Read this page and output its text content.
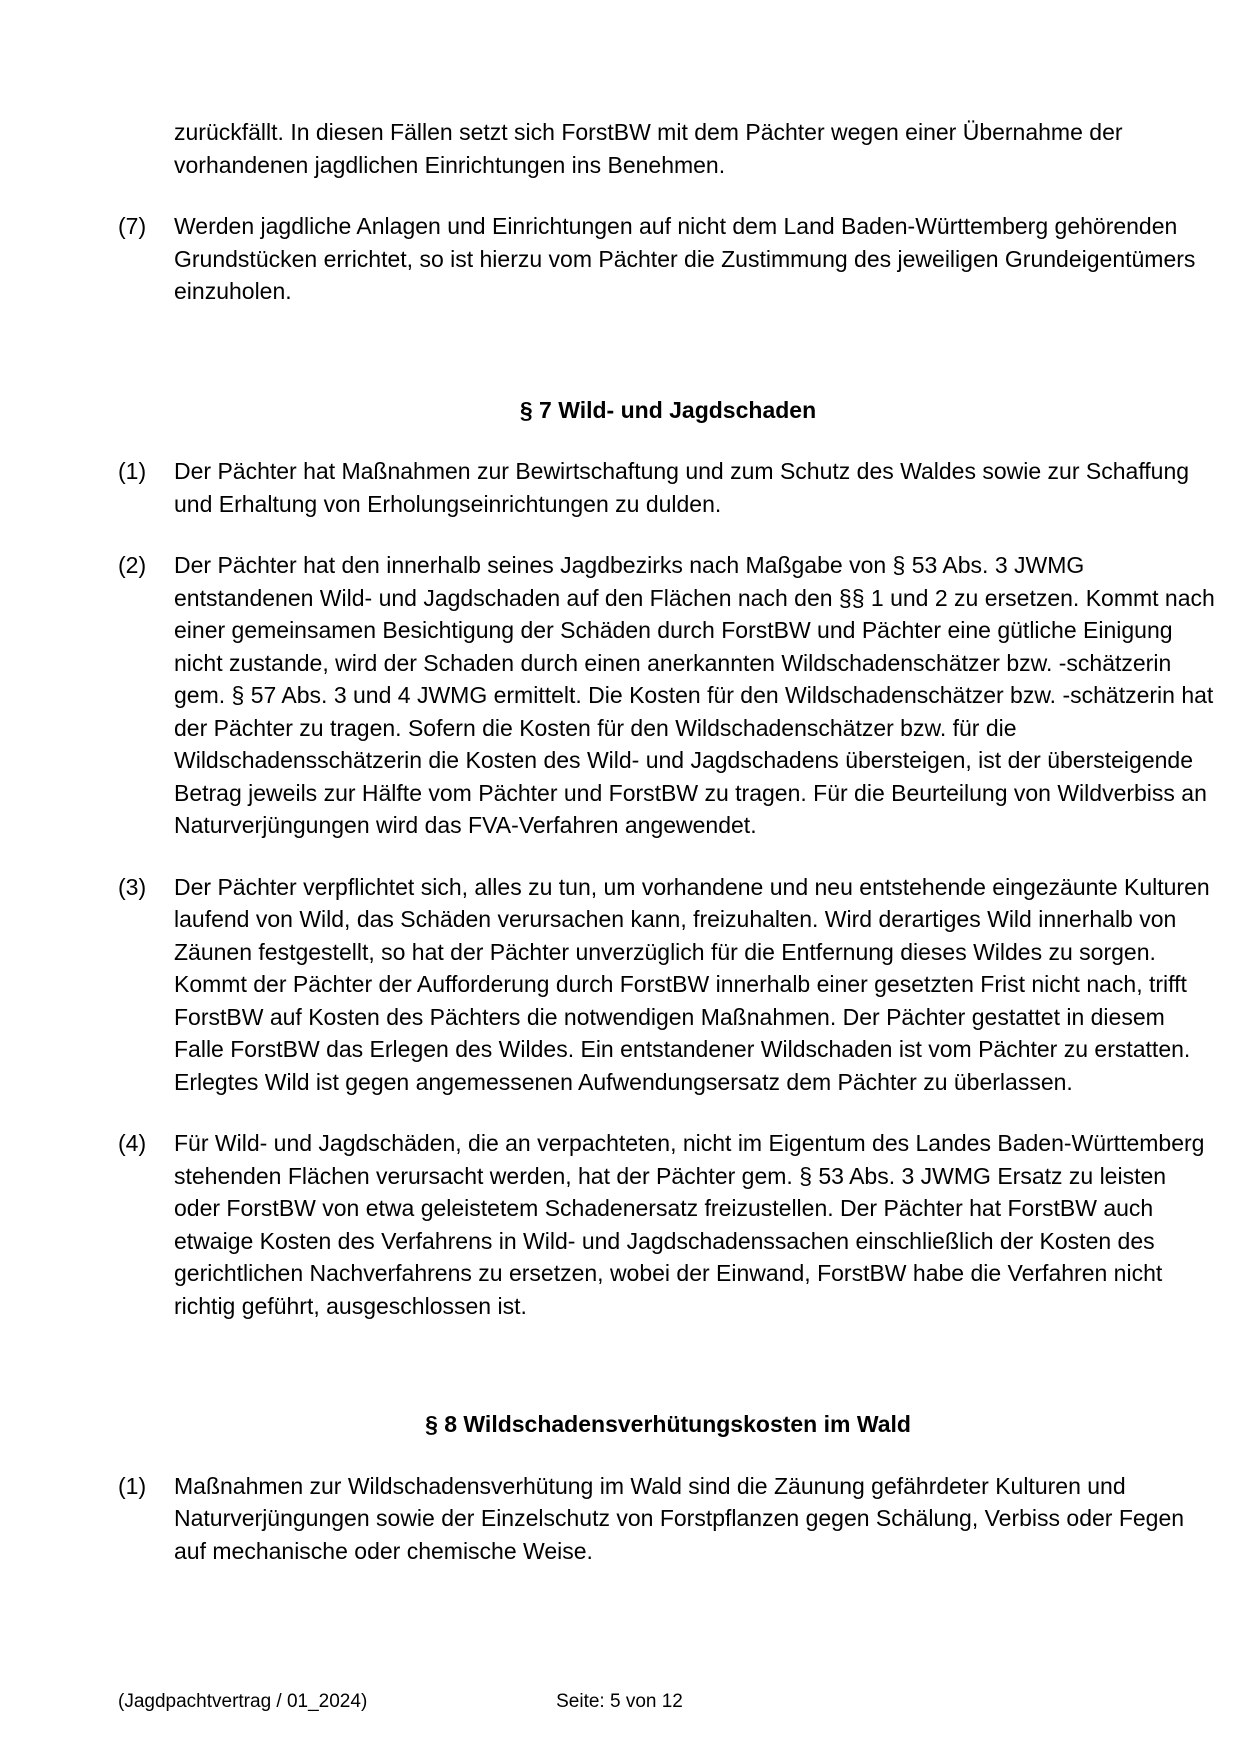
zurückfällt. In diesen Fällen setzt sich ForstBW mit dem Pächter wegen einer Übernahme der vorhandenen jagdlichen Einrichtungen ins Benehmen.
(7)	Werden jagdliche Anlagen und Einrichtungen auf nicht dem Land Baden-Württemberg gehörenden Grundstücken errichtet, so ist hierzu vom Pächter die Zustimmung des jeweiligen Grundeigentümers einzuholen.
§ 7 Wild- und Jagdschaden
(1)	Der Pächter hat Maßnahmen zur Bewirtschaftung und zum Schutz des Waldes sowie zur Schaffung und Erhaltung von Erholungseinrichtungen zu dulden.
(2)	Der Pächter hat den innerhalb seines Jagdbezirks nach Maßgabe von § 53 Abs. 3 JWMG entstandenen Wild- und Jagdschaden auf den Flächen nach den §§ 1 und 2 zu ersetzen. Kommt nach einer gemeinsamen Besichtigung der Schäden durch ForstBW und Pächter eine gütliche Einigung nicht zustande, wird der Schaden durch einen anerkannten Wildschadenschätzer bzw. -schätzerin gem. § 57 Abs. 3 und 4 JWMG ermittelt. Die Kosten für den Wildschadenschätzer bzw. -schätzerin hat der Pächter zu tragen. Sofern die Kosten für den Wildschadenschätzer bzw. für die Wildschadensschätzerin die Kosten des Wild- und Jagdschadens übersteigen, ist der übersteigende Betrag jeweils zur Hälfte vom Pächter und ForstBW zu tragen. Für die Beurteilung von Wildverbiss an Naturverjüngungen wird das FVA-Verfahren angewendet.
(3)	Der Pächter verpflichtet sich, alles zu tun, um vorhandene und neu entstehende eingezäunte Kulturen laufend von Wild, das Schäden verursachen kann, freizuhalten. Wird derartiges Wild innerhalb von Zäunen festgestellt, so hat der Pächter unverzüglich für die Entfernung dieses Wildes zu sorgen. Kommt der Pächter der Aufforderung durch ForstBW innerhalb einer gesetzten Frist nicht nach, trifft ForstBW auf Kosten des Pächters die notwendigen Maßnahmen. Der Pächter gestattet in diesem Falle ForstBW das Erlegen des Wildes. Ein entstandener Wildschaden ist vom Pächter zu erstatten. Erlegtes Wild ist gegen angemessenen Aufwendungsersatz dem Pächter zu überlassen.
(4)	Für Wild- und Jagdschäden, die an verpachteten, nicht im Eigentum des Landes Baden-Württemberg stehenden Flächen verursacht werden, hat der Pächter gem. § 53 Abs. 3 JWMG Ersatz zu leisten oder ForstBW von etwa geleistetem Schadenersatz freizustellen. Der Pächter hat ForstBW auch etwaige Kosten des Verfahrens in Wild- und Jagdschadenssachen einschließlich der Kosten des gerichtlichen Nachverfahrens zu ersetzen, wobei der Einwand, ForstBW habe die Verfahren nicht richtig geführt, ausgeschlossen ist.
§ 8 Wildschadensverhütungskosten im Wald
(1)	Maßnahmen zur Wildschadensverhütung im Wald sind die Zäunung gefährdeter Kulturen und Naturverjüngungen sowie der Einzelschutz von Forstpflanzen gegen Schälung, Verbiss oder Fegen auf mechanische oder chemische Weise.
(Jagdpachtvertrag / 01_2024)	Seite: 5 von 12
